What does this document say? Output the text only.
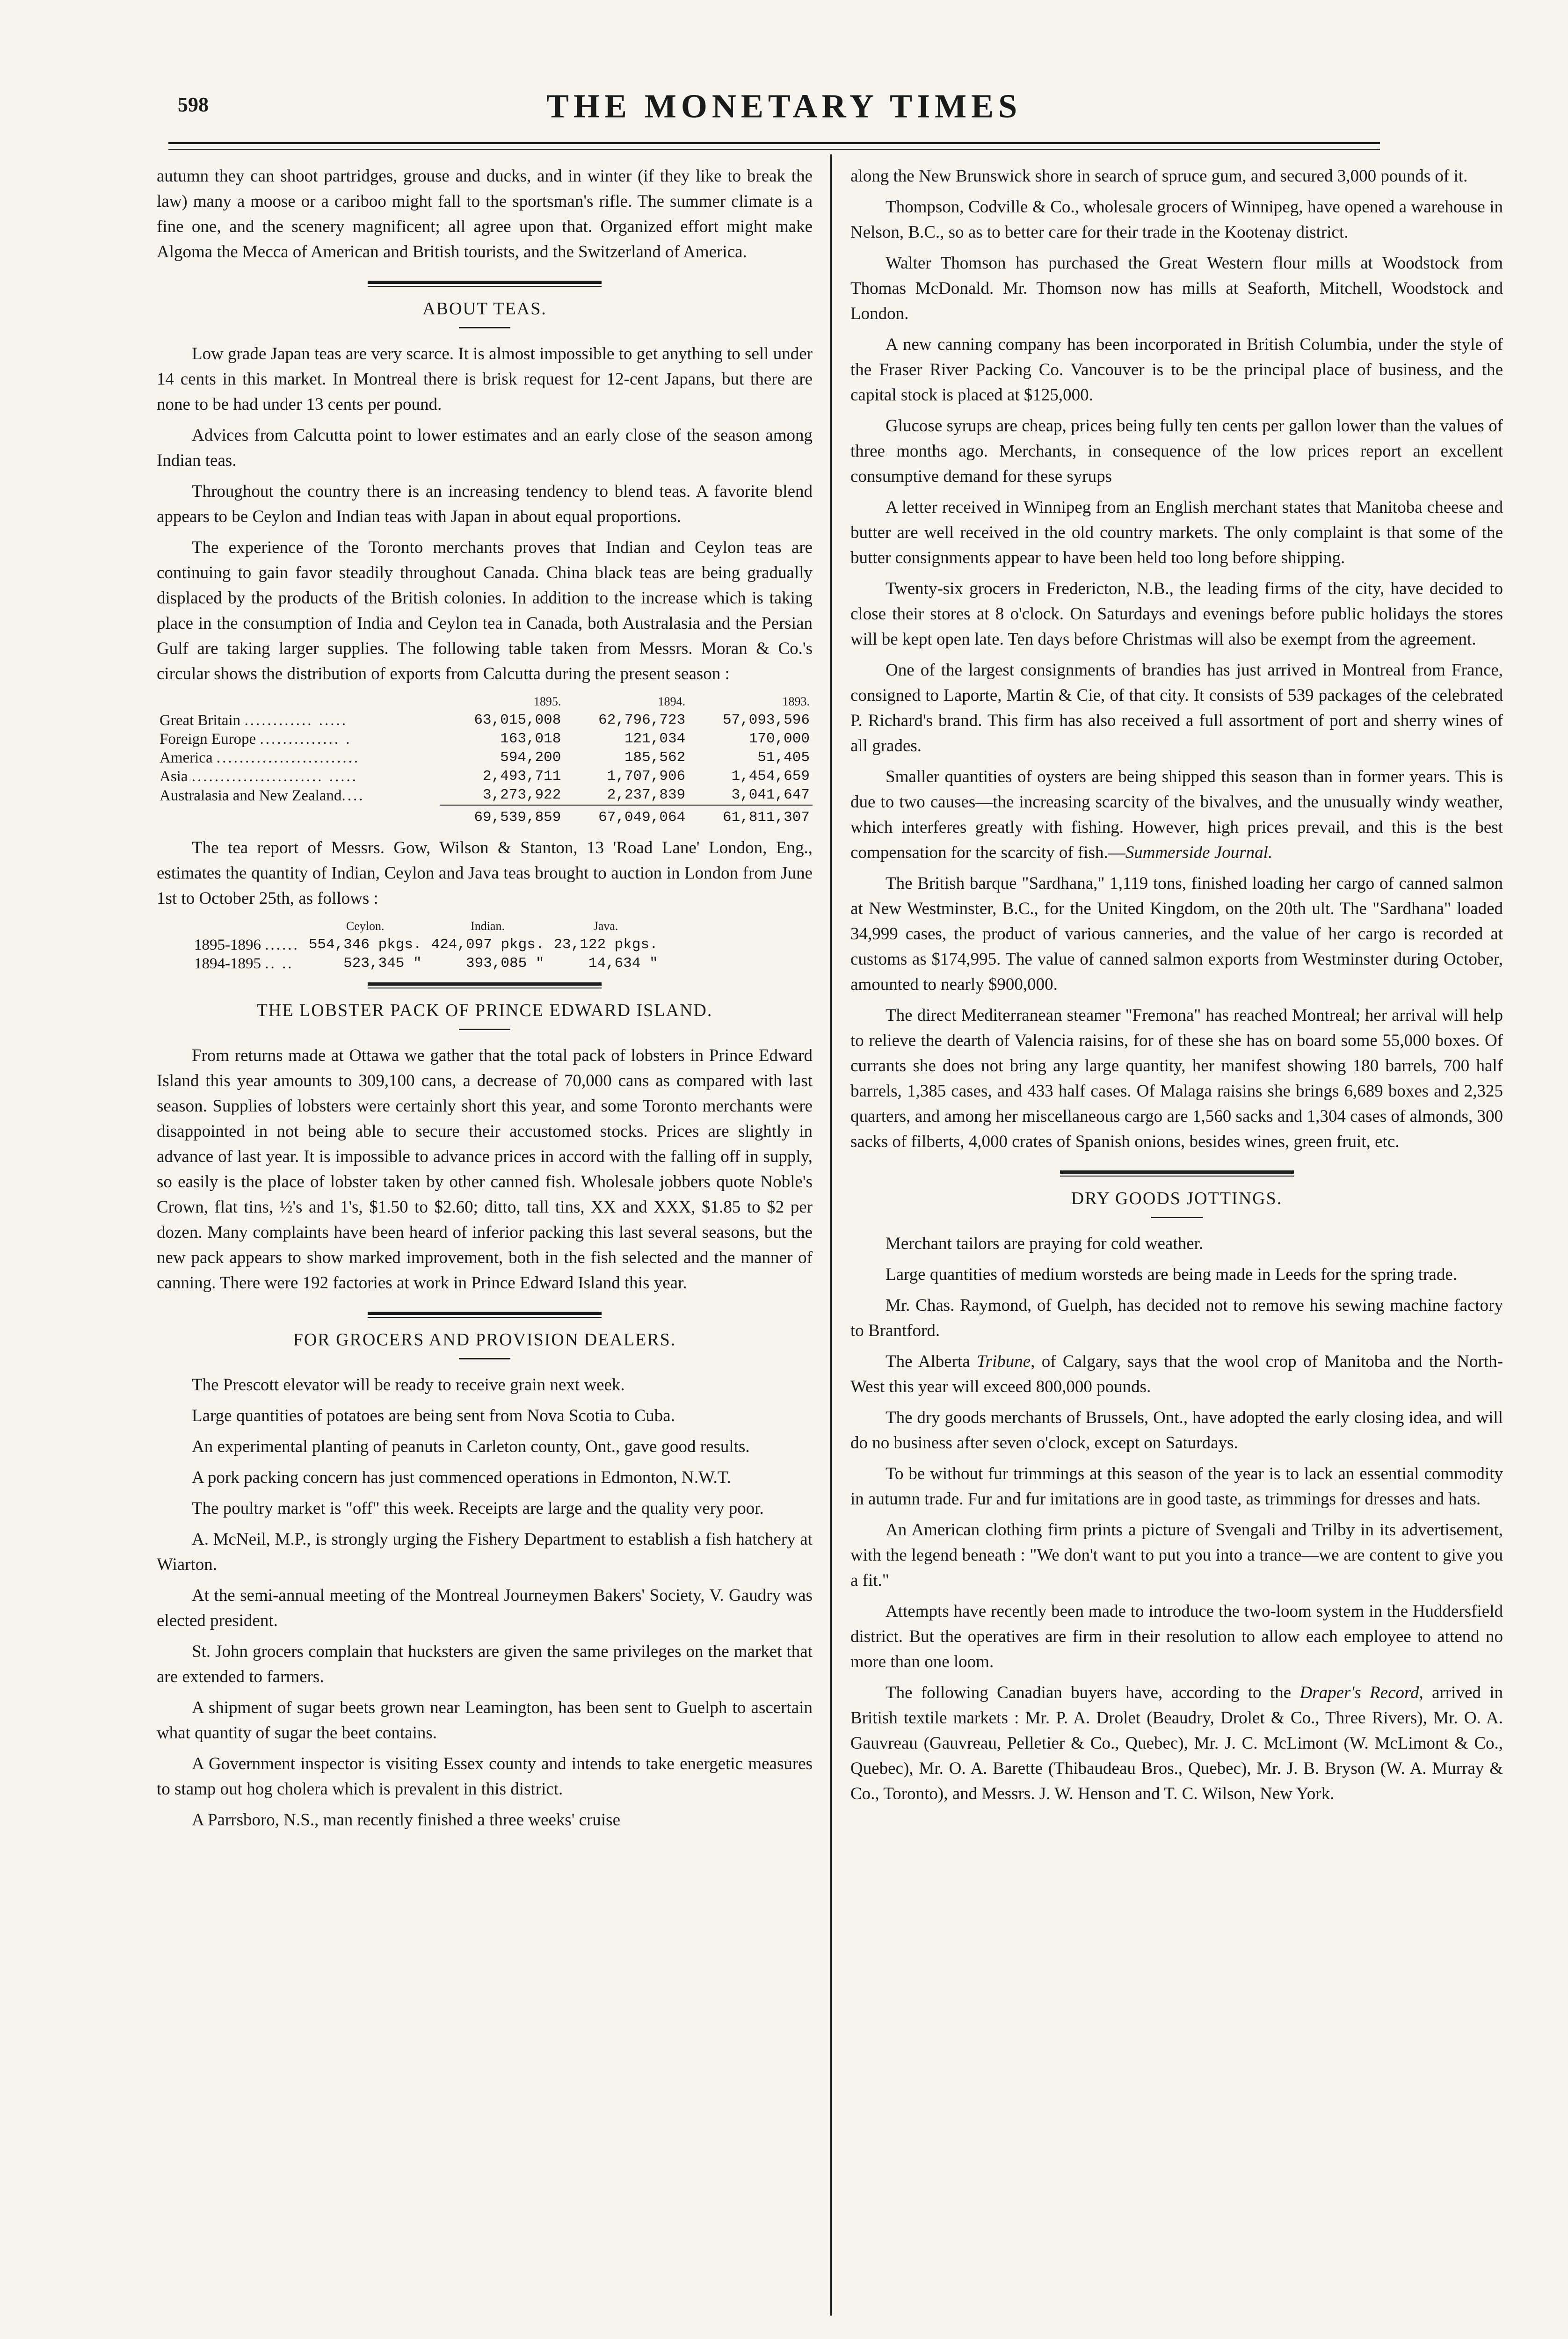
598	THE MONETARY TIMES

autumn they can shoot partridges, grouse and ducks, and in winter (if they like to break the law) many a moose or a cariboo might fall to the sportsman's rifle. The summer climate is a fine one, and the scenery magnificent; all agree upon that. Organized effort might make Algoma the Mecca of American and British tourists, and the Switzerland of America.

ABOUT TEAS.

Low grade Japan teas are very scarce. It is almost impossible to get anything to sell under 14 cents in this market. In Montreal there is brisk request for 12-cent Japans, but there are none to be had under 13 cents per pound.

Advices from Calcutta point to lower estimates and an early close of the season among Indian teas.

Throughout the country there is an increasing tendency to blend teas. A favorite blend appears to be Ceylon and Indian teas with Japan in about equal proportions.

The experience of the Toronto merchants proves that Indian and Ceylon teas are continuing to gain favor steadily throughout Canada. China black teas are being gradually displaced by the products of the British colonies. In addition to the increase which is taking place in the consumption of India and Ceylon tea in Canada, both Australasia and the Persian Gulf are taking larger supplies. The following table taken from Messrs. Moran & Co.'s circular shows the distribution of exports from Calcutta during the present season :

	1895.	1894.	1893.
Great Britain ............ .....	63,015,008	62,796,723	57,093,596
Foreign Europe .............. .	163,018	121,034	170,000
America .........................	594,200	185,562	51,405
Asia ....................... .....	2,493,711	1,707,906	1,454,659
Australasia and New Zealand....	3,273,922	2,237,839	3,041,647
	69,539,859	67,049,064	61,811,307

The tea report of Messrs. Gow, Wilson & Stanton, 13 'Road Lane' London, Eng., estimates the quantity of Indian, Ceylon and Java teas brought to auction in London from June 1st to October 25th, as follows :

	Ceylon.	Indian.	Java.
1895-1896 ......	554,346 pkgs.	424,097 pkgs.	23,122 pkgs.
1894-1895 .. ..	523,345 "	393,085 "	14,634 "
THE LOBSTER PACK OF PRINCE EDWARD ISLAND.

From returns made at Ottawa we gather that the total pack of lobsters in Prince Edward Island this year amounts to 309,100 cans, a decrease of 70,000 cans as compared with last season. Supplies of lobsters were certainly short this year, and some Toronto merchants were disappointed in not being able to secure their accustomed stocks. Prices are slightly in advance of last year. It is impossible to advance prices in accord with the falling off in supply, so easily is the place of lobster taken by other canned fish. Wholesale jobbers quote Noble's Crown, flat tins, ½'s and 1's, $1.50 to $2.60; ditto, tall tins, XX and XXX, $1.85 to $2 per dozen. Many complaints have been heard of inferior packing this last several seasons, but the new pack appears to show marked improvement, both in the fish selected and the manner of canning. There were 192 factories at work in Prince Edward Island this year.

FOR GROCERS AND PROVISION DEALERS.

The Prescott elevator will be ready to receive grain next week.

Large quantities of potatoes are being sent from Nova Scotia to Cuba.

An experimental planting of peanuts in Carleton county, Ont., gave good results.

A pork packing concern has just commenced operations in Edmonton, N.W.T.

The poultry market is "off" this week. Receipts are large and the quality very poor.

A. McNeil, M.P., is strongly urging the Fishery Department to establish a fish hatchery at Wiarton.

At the semi-annual meeting of the Montreal Journeymen Bakers' Society, V. Gaudry was elected president.

St. John grocers complain that hucksters are given the same privileges on the market that are extended to farmers.

A shipment of sugar beets grown near Leamington, has been sent to Guelph to ascertain what quantity of sugar the beet contains.

A Government inspector is visiting Essex county and intends to take energetic measures to stamp out hog cholera which is prevalent in this district.

A Parrsboro, N.S., man recently finished a three weeks' cruise

along the New Brunswick shore in search of spruce gum, and secured 3,000 pounds of it.

Thompson, Codville & Co., wholesale grocers of Winnipeg, have opened a warehouse in Nelson, B.C., so as to better care for their trade in the Kootenay district.

Walter Thomson has purchased the Great Western flour mills at Woodstock from Thomas McDonald. Mr. Thomson now has mills at Seaforth, Mitchell, Woodstock and London.

A new canning company has been incorporated in British Columbia, under the style of the Fraser River Packing Co. Vancouver is to be the principal place of business, and the capital stock is placed at $125,000.

Glucose syrups are cheap, prices being fully ten cents per gallon lower than the values of three months ago. Merchants, in consequence of the low prices report an excellent consumptive demand for these syrups

A letter received in Winnipeg from an English merchant states that Manitoba cheese and butter are well received in the old country markets. The only complaint is that some of the butter consignments appear to have been held too long before shipping.

Twenty-six grocers in Fredericton, N.B., the leading firms of the city, have decided to close their stores at 8 o'clock. On Saturdays and evenings before public holidays the stores will be kept open late. Ten days before Christmas will also be exempt from the agreement.

One of the largest consignments of brandies has just arrived in Montreal from France, consigned to Laporte, Martin & Cie, of that city. It consists of 539 packages of the celebrated P. Richard's brand. This firm has also received a full assortment of port and sherry wines of all grades.

Smaller quantities of oysters are being shipped this season than in former years. This is due to two causes—the increasing scarcity of the bivalves, and the unusually windy weather, which interferes greatly with fishing. However, high prices prevail, and this is the best compensation for the scarcity of fish.—Summerside Journal.

The British barque "Sardhana," 1,119 tons, finished loading her cargo of canned salmon at New Westminster, B.C., for the United Kingdom, on the 20th ult. The "Sardhana" loaded 34,999 cases, the product of various canneries, and the value of her cargo is recorded at customs as $174,995. The value of canned salmon exports from Westminster during October, amounted to nearly $900,000.

The direct Mediterranean steamer "Fremona" has reached Montreal; her arrival will help to relieve the dearth of Valencia raisins, for of these she has on board some 55,000 boxes. Of currants she does not bring any large quantity, her manifest showing 180 barrels, 700 half barrels, 1,385 cases, and 433 half cases. Of Malaga raisins she brings 6,689 boxes and 2,325 quarters, and among her miscellaneous cargo are 1,560 sacks and 1,304 cases of almonds, 300 sacks of filberts, 4,000 crates of Spanish onions, besides wines, green fruit, etc.

DRY GOODS JOTTINGS.

Merchant tailors are praying for cold weather.

Large quantities of medium worsteds are being made in Leeds for the spring trade.

Mr. Chas. Raymond, of Guelph, has decided not to remove his sewing machine factory to Brantford.

The Alberta Tribune, of Calgary, says that the wool crop of Manitoba and the North-West this year will exceed 800,000 pounds.

The dry goods merchants of Brussels, Ont., have adopted the early closing idea, and will do no business after seven o'clock, except on Saturdays.

To be without fur trimmings at this season of the year is to lack an essential commodity in autumn trade. Fur and fur imitations are in good taste, as trimmings for dresses and hats.

An American clothing firm prints a picture of Svengali and Trilby in its advertisement, with the legend beneath : "We don't want to put you into a trance—we are content to give you a fit."

Attempts have recently been made to introduce the two-loom system in the Huddersfield district. But the operatives are firm in their resolution to allow each employee to attend no more than one loom.

The following Canadian buyers have, according to the Draper's Record, arrived in British textile markets : Mr. P. A. Drolet (Beaudry, Drolet & Co., Three Rivers), Mr. O. A. Gauvreau (Gauvreau, Pelletier & Co., Quebec), Mr. J. C. McLimont (W. McLimont & Co., Quebec), Mr. O. A. Barette (Thibaudeau Bros., Quebec), Mr. J. B. Bryson (W. A. Murray & Co., Toronto), and Messrs. J. W. Henson and T. C. Wilson, New York.
